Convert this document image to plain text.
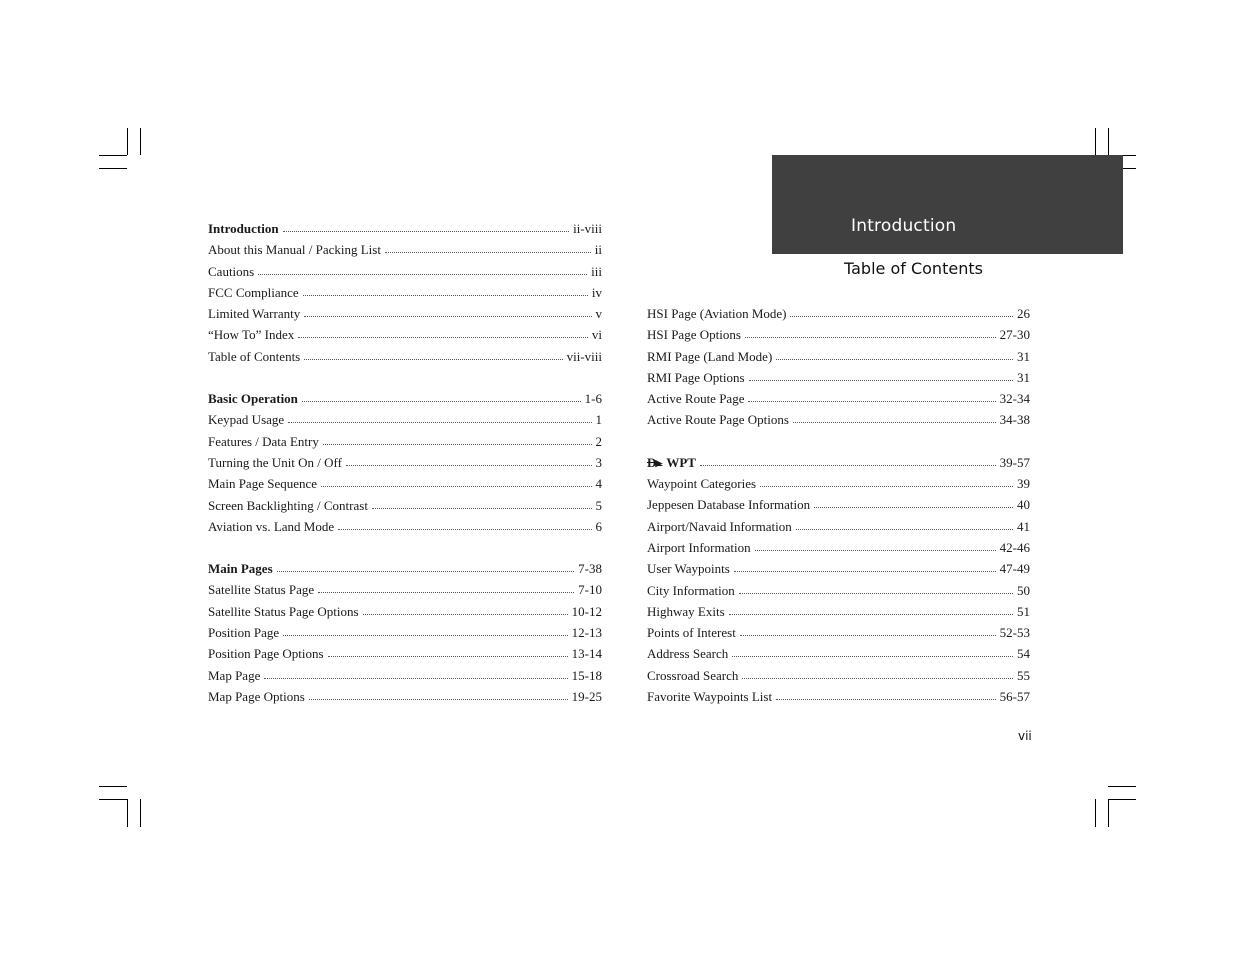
Introduction
Table of Contents
Introduction	ii-viii
About this Manual / Packing List	ii
Cautions	iii
FCC Compliance	iv
Limited Warranty	v
“How To” Index	vi
Table of Contents	vii-viii
Basic Operation	1-6
Keypad Usage	1
Features / Data Entry	2
Turning the Unit On / Off	3
Main Page Sequence	4
Screen Backlighting / Contrast	5
Aviation vs. Land Mode	6
Main Pages	7-38
Satellite Status Page	7-10
Satellite Status Page Options	10-12
Position Page	12-13
Position Page Options	13-14
Map Page	15-18
Map Page Options	19-25
HSI Page (Aviation Mode)	26
HSI Page Options	27-30
RMI Page (Land Mode)	31
RMI Page Options	31
Active Route Page	32-34
Active Route Page Options	34-38
D▶ WPT	39-57
Waypoint Categories	39
Jeppesen Database Information	40
Airport/Navaid Information	41
Airport Information	42-46
User Waypoints	47-49
City Information	50
Highway Exits	51
Points of Interest	52-53
Address Search	54
Crossroad Search	55
Favorite Waypoints List	56-57
vii
